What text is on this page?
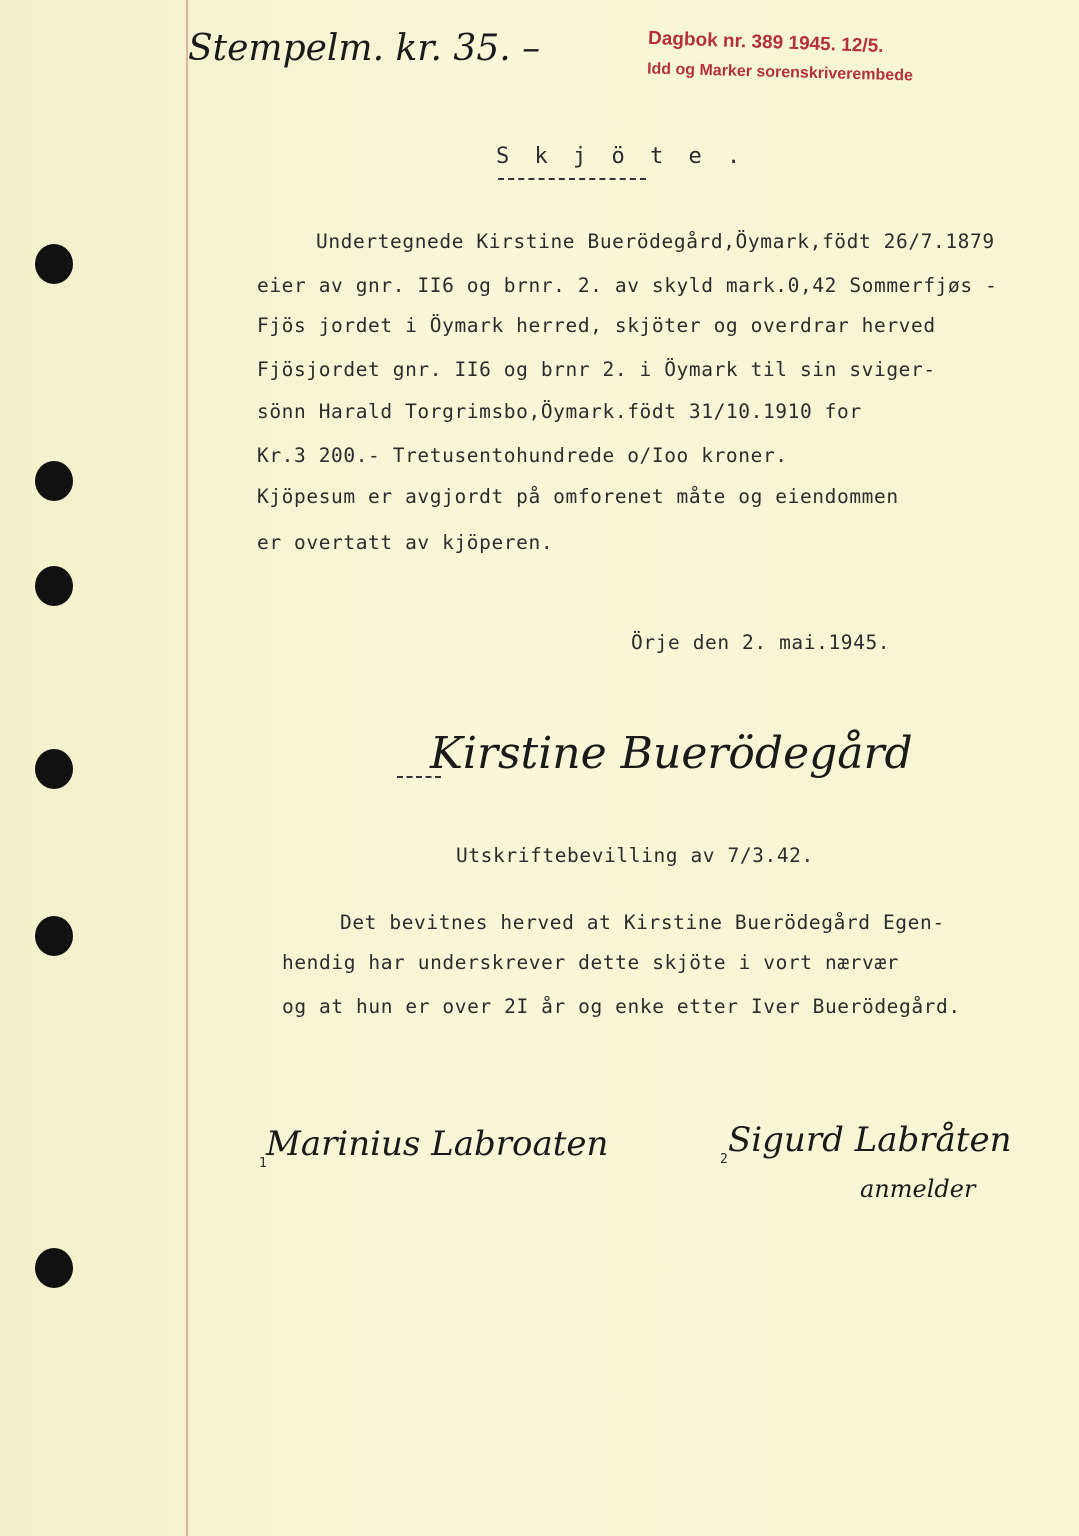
Stempelm. kr. 35. –	Dagbok nr. 389 1945. 12/5.
Idd og Marker sorenskriverembede
S k j ö t e .
Undertegnede Kirstine Buerödegård,Öymark,födt 26/7.1879
eier av gnr. II6 og brnr. 2. av skyld mark.0,42 Sommerfjøs -
Fjös jordet i Öymark herred, skjöter og overdrar herved
Fjösjordet gnr. II6 og brnr 2. i Öymark til sin sviger-
sönn Harald Torgrimsbo,Öymark.födt 31/10.1910 for
Kr.3 200.- Tretusentohundrede o/Ioo kroner.
Kjöpesum er avgjordt på omforenet måte og eiendommen
er overtatt av kjöperen.
Örje den 2. mai.1945.
Kirstine Buerödegård
Utskriftebevilling av 7/3.42.
Det bevitnes herved at Kirstine Buerödegård Egen-
hendig har underskrever dette skjöte i vort nærvær
og at hun er over 2I år og enke etter Iver Buerödegård.
1 Marinius Labroaten	2 Sigurd Labråten
anmelder
